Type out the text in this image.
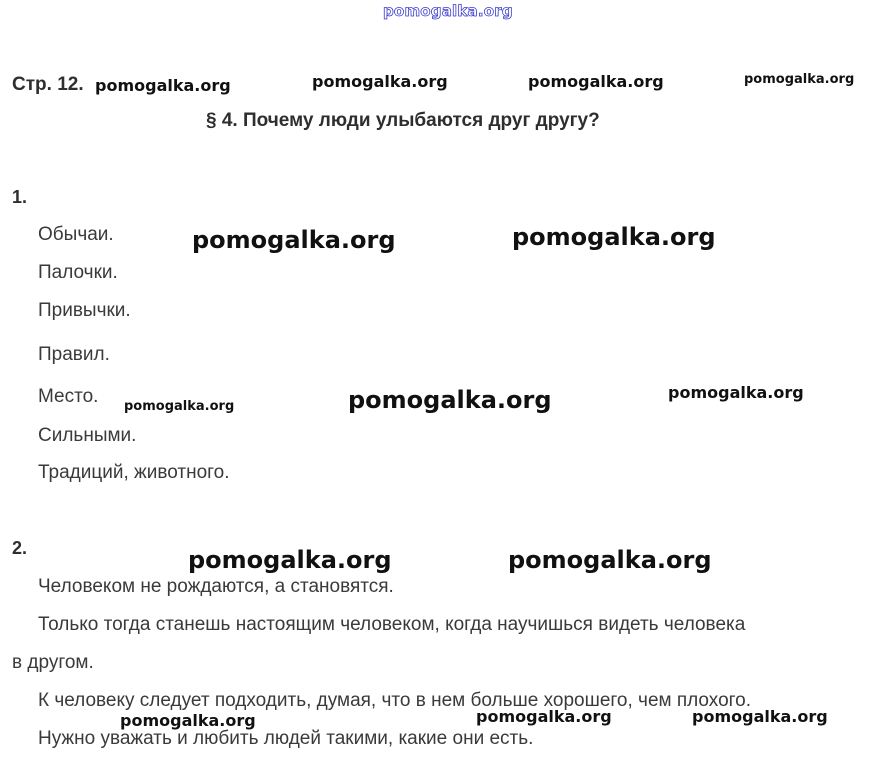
pomogalka.org
Стр. 12. pomogalka.org	pomogalka.org	pomogalka.org	pomogalka.org
§ 4. Почему люди улыбаются друг другу?
1.
Обычаи.
Палочки.
Привычки.
Правил.
Место.
Сильными.
Традиций, животного.
pomogalka.org	pomogalka.org
pomogalka.org	pomogalka.org	pomogalka.org
2.	pomogalka.org	pomogalka.org
Человеком не рождаются, а становятся.
Только тогда станешь настоящим человеком, когда научишься видеть человека
в другом.
К человеку следует подходить, думая, что в нем больше хорошего, чем плохого.
Нужно уважать и любить людей такими, какие они есть.
pomogalka.org	pomogalka.org	pomogalka.org
